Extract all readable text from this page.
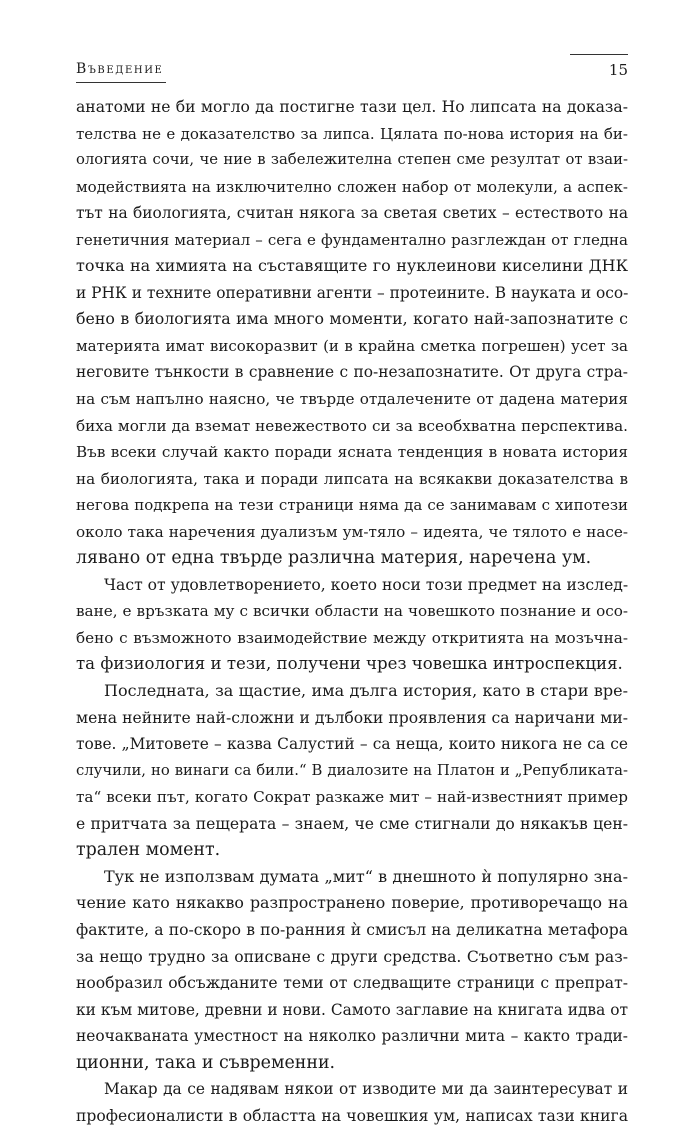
Въведение	15
анатоми не би могло да постигне тази цел. Но липсата на доказа-
телства не е доказателство за липса. Цялата по-нова история на би-
ологията сочи, че ние в забележителна степен сме резултат от взаи-
модействията на изключително сложен набор от молекули, а аспек-
тът на биологията, считан някога за светая светих – естеството на
генетичния материал – сега е фундаментално разглеждан от гледна
точка на химията на съставящите го нуклеинови киселини ДНК
и РНК и техните оперативни агенти – протеините. В науката и осо-
бено в биологията има много моменти, когато най-запознатите с
материята имат високоразвит (и в крайна сметка погрешен) усет за
неговите тънкости в сравнение с по-незапознатите. От друга стра-
на съм напълно наясно, че твърде отдалечените от дадена материя
бихa могли да вземат невежеството си за всеобхватна перспектива.
Във всеки случай както поради ясната тенденция в новата история
на биологията, така и поради липсата на всякакви доказателства в
негова подкрепа на тези страници няма да се занимавам с хипотези
около така наречения дуализъм ум-тяло – идеята, че тялото е насе-
лявано от една твърде различна материя, наречена ум.
Част от удовлетворението, което носи този предмет на изслед-
ване, е връзката му с всички области на човешкото познание и осо-
бено с възможното взаимодействие между откритията на мозъчна-
та физиология и тези, получени чрез човешка интроспекция.
Последната, за щастие, има дълга история, като в стари вре-
мена нейните най-сложни и дълбоки проявления са наричани ми-
тове. „Митовете – казва Салустий – са неща, които никога не са се
случили, но винаги са били.“ В диалозите на Платон и „Републиката-
та“ всеки път, когато Сократ разкаже мит – най-известният пример
е притчата за пещерата – знаем, че сме стигнали до някакъв цен-
трален момент.
Тук не използвам думата „мит“ в днешното ѝ популярно зна-
чение като някакво разпространено поверие, противоречащо на
фактите, а по-скоро в по-ранния ѝ смисъл на деликатна метафора
за нещо трудно за описване с други средства. Съответно съм раз-
нообразил обсъжданите теми от следващите страници с препрат-
ки към митове, древни и нови. Самото заглавие на книгата идва от
неочакваната уместност на няколко различни мита – както тради-
ционни, така и съвременни.
Макар да се надявам някои от изводите ми да заинтересуват и
професионалисти в областта на човешкия ум, написах тази книга
